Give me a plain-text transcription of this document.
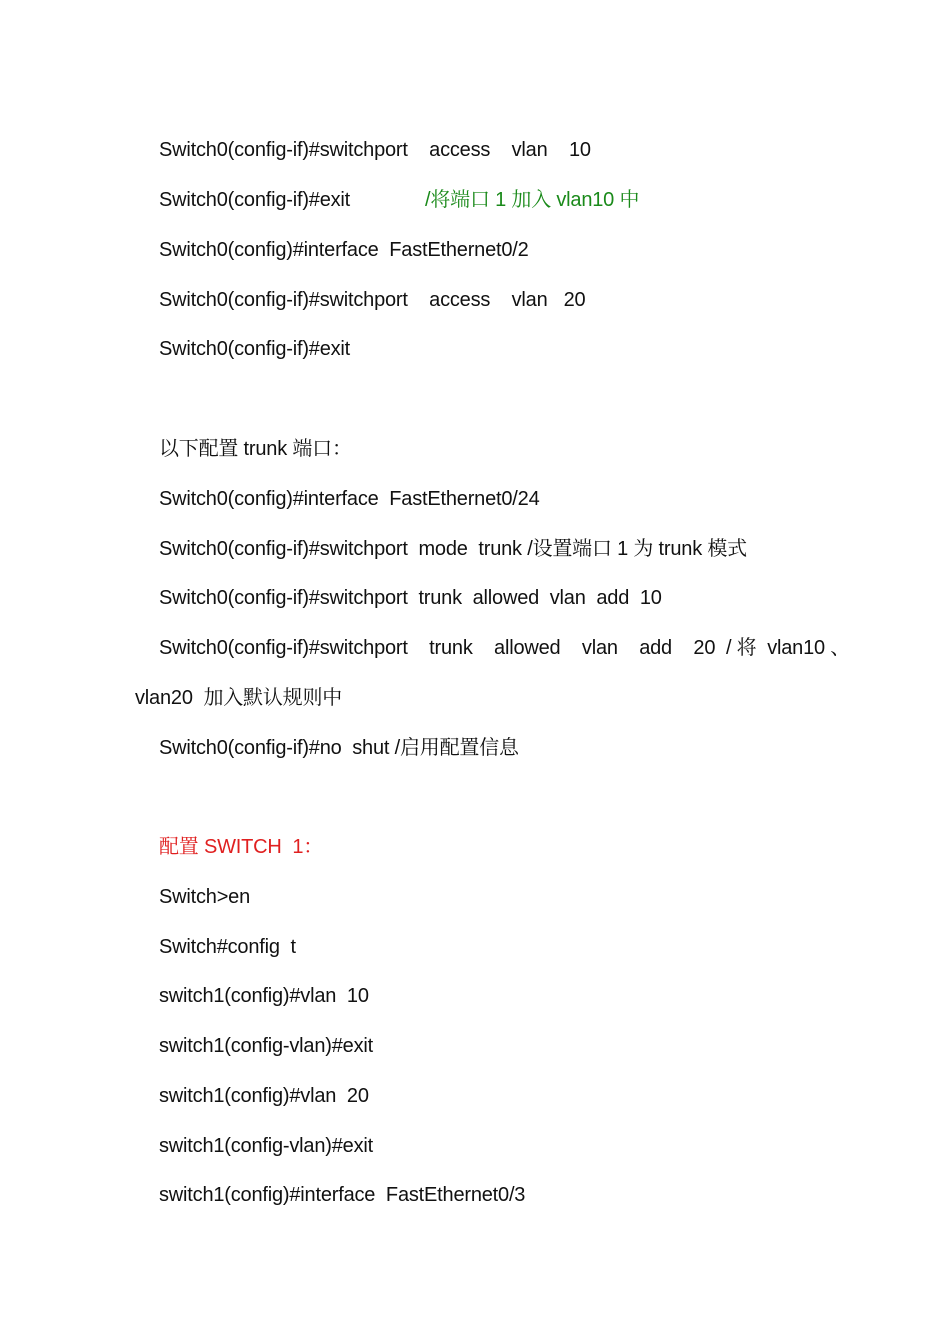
Switch0(config-if)#switchport    access    vlan    10
Switch0(config-if)#exit	/将端口 1 加入 vlan10 中
Switch0(config)#interface  FastEthernet0/2
Switch0(config-if)#switchport    access    vlan   20
Switch0(config-if)#exit
以下配置 trunk 端口：
Switch0(config)#interface  FastEthernet0/24
Switch0(config-if)#switchport  mode  trunk /设置端口 1 为 trunk 模式
Switch0(config-if)#switchport  trunk  allowed  vlan  add  10
Switch0(config-if)#switchport    trunk    allowed    vlan    add    20  / 将  vlan10 、
vlan20  加入默认规则中
Switch0(config-if)#no  shut /启用配置信息
配置 SWITCH  1：
Switch>en
Switch#config  t
switch1(config)#vlan  10
switch1(config-vlan)#exit
switch1(config)#vlan  20
switch1(config-vlan)#exit
switch1(config)#interface  FastEthernet0/3
